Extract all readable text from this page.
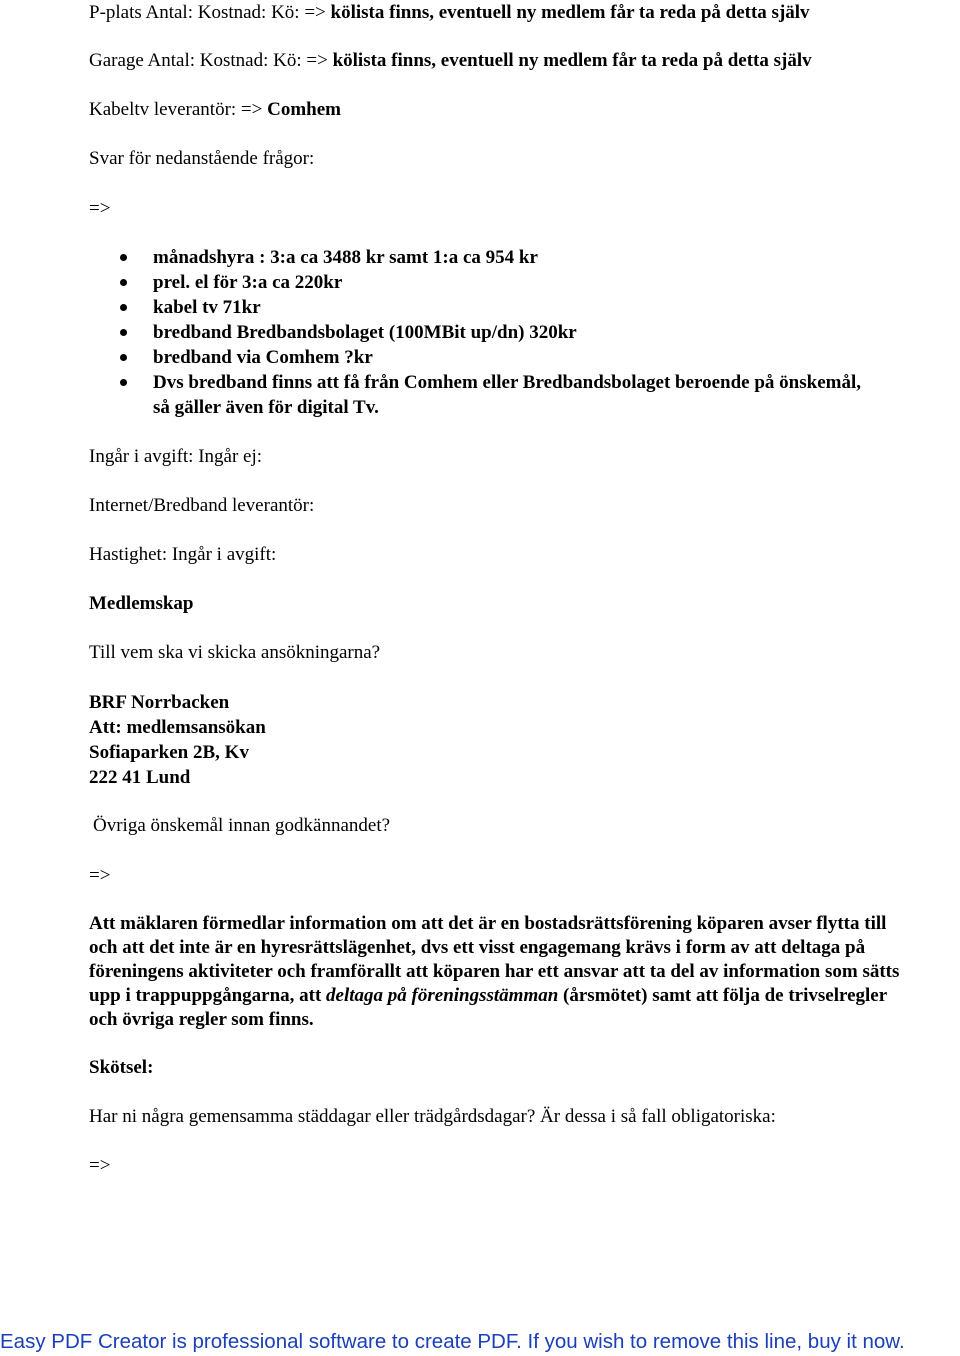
P-plats Antal: Kostnad: Kö: => kölista finns, eventuell ny medlem får ta reda på detta själv
Garage Antal: Kostnad: Kö: => kölista finns, eventuell ny medlem får ta reda på detta själv
Kabeltv leverantör: => Comhem
Svar för nedanstående frågor:
=>
månadshyra : 3:a ca 3488 kr samt 1:a ca 954 kr
prel. el för 3:a ca 220kr
kabel tv 71kr
bredband Bredbandsbolaget (100MBit up/dn) 320kr
bredband via Comhem ?kr
Dvs bredband finns att få från Comhem eller Bredbandsbolaget beroende på önskemål, så gäller även för digital Tv.
Ingår i avgift: Ingår ej:
Internet/Bredband leverantör:
Hastighet: Ingår i avgift:
Medlemskap
Till vem ska vi skicka ansökningarna?
BRF Norrbacken
Att: medlemsansökan
Sofiaparken 2B, Kv
222 41 Lund
Övriga önskemål innan godkännandet?
=>
Att mäklaren förmedlar information om att det är en bostadsrättsförening köparen avser flytta till och att det inte är en hyresrättslägenhet, dvs ett visst engagemang krävs i form av att deltaga på föreningens aktiviteter och framförallt att köparen har ett ansvar att ta del av information som sätts upp i trappuppgångarna, att deltaga på föreningsstämman (årsmötet) samt att följa de trivselregler och övriga regler som finns.
Skötsel:
Har ni några gemensamma städdagar eller trädgårdsdagar? Är dessa i så fall obligatoriska:
=>
Easy PDF Creator is professional software to create PDF. If you wish to remove this line, buy it now.
